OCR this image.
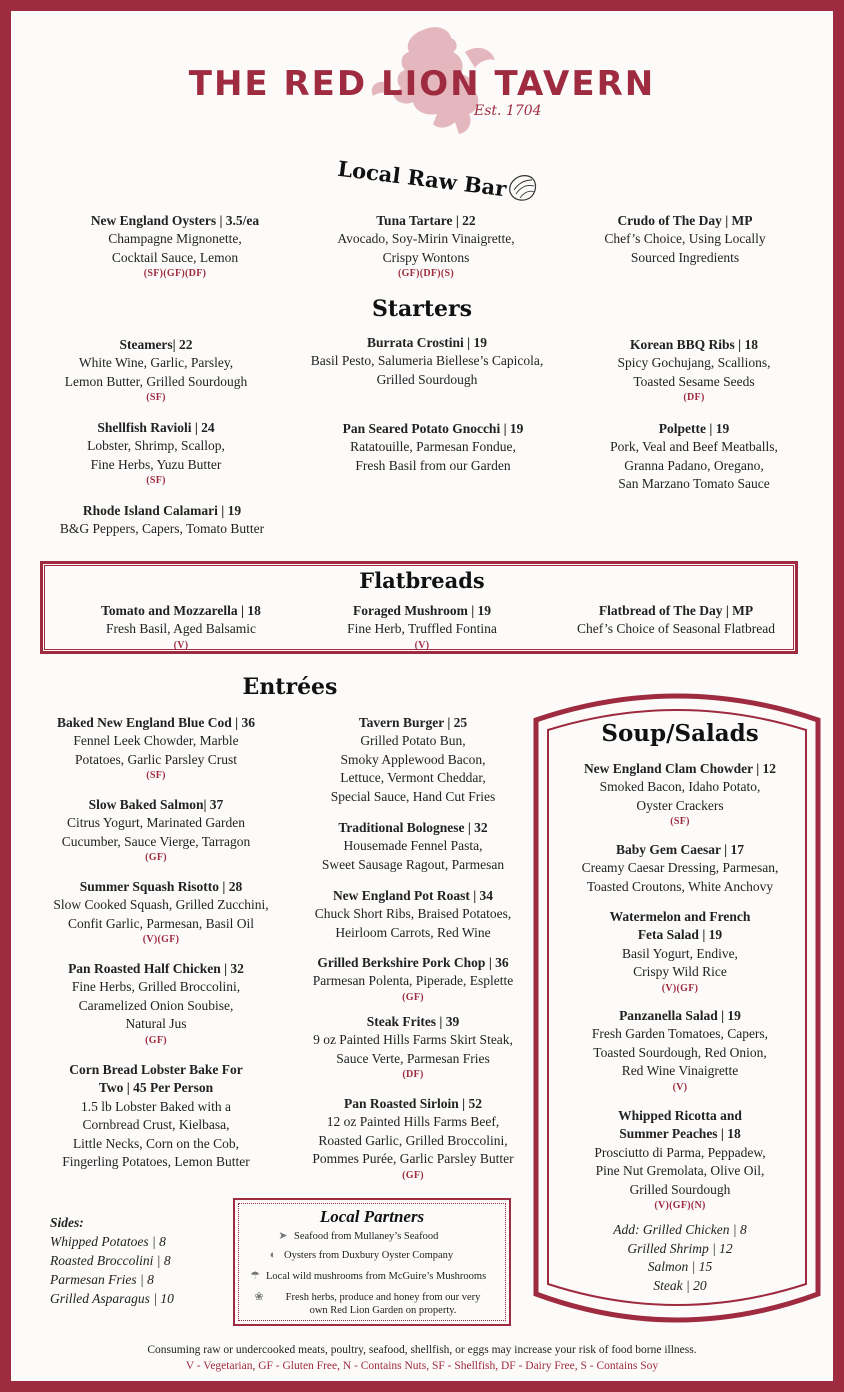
THE RED LION TAVERN
Est. 1704
Local Raw Bar
New England Oysters | 3.5/ea
Champagne Mignonette,
Cocktail Sauce, Lemon
(SF)(GF)(DF)
Tuna Tartare | 22
Avocado, Soy-Mirin Vinaigrette,
Crispy Wontons
(GF)(DF)(S)
Crudo of The Day | MP
Chef’s Choice, Using Locally
Sourced Ingredients
Starters
Steamers| 22
White Wine, Garlic, Parsley,
Lemon Butter, Grilled Sourdough
(SF)
Burrata Crostini | 19
Basil Pesto, Salumeria Biellese’s Capicola,
Grilled Sourdough
Korean BBQ Ribs | 18
Spicy Gochujang, Scallions,
Toasted Sesame Seeds
(DF)
Shellfish Ravioli | 24
Lobster, Shrimp, Scallop,
Fine Herbs, Yuzu Butter
(SF)
Pan Seared Potato Gnocchi | 19
Ratatouille, Parmesan Fondue,
Fresh Basil from our Garden
Polpette | 19
Pork, Veal and Beef Meatballs,
Granna Padano, Oregano,
San Marzano Tomato Sauce
Rhode Island Calamari | 19
B&G Peppers, Capers, Tomato Butter
Flatbreads
Tomato and Mozzarella | 18
Fresh Basil, Aged Balsamic
(V)
Foraged Mushroom | 19
Fine Herb, Truffled Fontina
(V)
Flatbread of The Day | MP
Chef’s Choice of Seasonal Flatbread
Entrées
Baked New England Blue Cod | 36
Fennel Leek Chowder, Marble
Potatoes, Garlic Parsley Crust
(SF)
Slow Baked Salmon| 37
Citrus Yogurt, Marinated Garden
Cucumber, Sauce Vierge, Tarragon
(GF)
Summer Squash Risotto | 28
Slow Cooked Squash, Grilled Zucchini,
Confit Garlic, Parmesan, Basil Oil
(V)(GF)
Pan Roasted Half Chicken | 32
Fine Herbs, Grilled Broccolini,
Caramelized Onion Soubise,
Natural Jus
(GF)
Corn Bread Lobster Bake For
Two | 45 Per Person
1.5 lb Lobster Baked with a
Cornbread Crust, Kielbasa,
Little Necks, Corn on the Cob,
Fingerling Potatoes, Lemon Butter
Tavern Burger | 25
Grilled Potato Bun,
Smoky Applewood Bacon,
Lettuce, Vermont Cheddar,
Special Sauce, Hand Cut Fries
Traditional Bolognese | 32
Housemade Fennel Pasta,
Sweet Sausage Ragout, Parmesan
New England Pot Roast | 34
Chuck Short Ribs, Braised Potatoes,
Heirloom Carrots, Red Wine
Grilled Berkshire Pork Chop | 36
Parmesan Polenta, Piperade, Esplette
(GF)
Steak Frites | 39
9 oz Painted Hills Farms Skirt Steak,
Sauce Verte, Parmesan Fries
(DF)
Pan Roasted Sirloin | 52
12 oz Painted Hills Farms Beef,
Roasted Garlic, Grilled Broccolini,
Pommes Purée, Garlic Parsley Butter
(GF)
Soup/Salads
New England Clam Chowder | 12
Smoked Bacon, Idaho Potato,
Oyster Crackers
(SF)
Baby Gem Caesar | 17
Creamy Caesar Dressing, Parmesan,
Toasted Croutons, White Anchovy
Watermelon and French
Feta Salad | 19
Basil Yogurt, Endive,
Crispy Wild Rice
(V)(GF)
Panzanella Salad | 19
Fresh Garden Tomatoes, Capers,
Toasted Sourdough, Red Onion,
Red Wine Vinaigrette
(V)
Whipped Ricotta and
Summer Peaches | 18
Prosciutto di Parma, Peppadew,
Pine Nut Gremolata, Olive Oil,
Grilled Sourdough
(V)(GF)(N)
Add: Grilled Chicken | 8
Grilled Shrimp | 12
Salmon | 15
Steak | 20
Sides:
Whipped Potatoes | 8
Roasted Broccolini | 8
Parmesan Fries | 8
Grilled Asparagus | 10
Local Partners
➤ Seafood from Mullaney’s Seafood
◐ Oysters from Duxbury Oyster Company
☂ Local wild mushrooms from McGuire’s Mushrooms
❀ Fresh herbs, produce and honey from our very
own Red Lion Garden on property.
Consuming raw or undercooked meats, poultry, seafood, shellfish, or eggs may increase your risk of food borne illness.
V - Vegetarian, GF - Gluten Free, N - Contains Nuts, SF - Shellfish, DF - Dairy Free, S - Contains Soy
